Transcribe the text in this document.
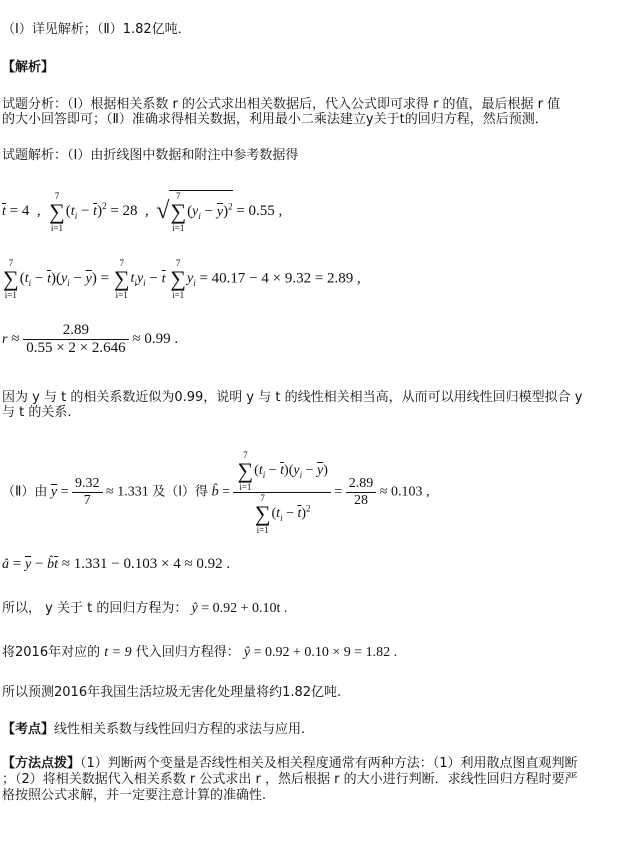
（Ⅰ）详见解析；（Ⅱ）1.82亿吨．
【解析】
试题分析：（Ⅰ）根据相关系数 r 的公式求出相关数据后，代入公式即可求得 r 的值，最后根据 r 值
的大小回答即可；（Ⅱ）准确求得相关数据，利用最小二乘法建立y关于t的回归方程，然后预测．
试题解析：（Ⅰ）由折线图中数据和附注中参考数据得
$\overline{t} = 4$  ,
7
∑
i=1
$(t_i - \overline{t})^2 = 28$  ,  √
7
∑
i=1
$(y_i - \overline{y})^2 = 0.55$ ,
7
∑
i=1
$(t_i - \overline{t})(y_i - \overline{y})$ =
7
∑
i=1
$t_iy_i - \overline{t}$
7
∑
i=1
$y_i = 40.17 - 4 \times 9.32 = 2.89$ ,
$r \approx \frac{2.89}{0.55 \times 2 \times 2.646} \approx 0.99$ .
因为 y 与 t 的相关系数近似为0.99，说明 y 与 t 的线性相关相当高，从而可以用线性回归模型拟合 y
与 t 的关系.
（Ⅱ）由 $\overline{y} = \frac{9.32}{7} \approx 1.331$ 及（Ⅰ）得 b̂ = 7
∑
i=1
$(t_i - \overline{t})(y_i - \overline{y})$
7
∑
i=1
$(t_i - \overline{t})^2 = \frac{2.89}{28} \approx 0.103$ ,
â = $\overline{y}$ − $b̂\overline{t} \approx 1.331 - 0.103 \times 4 \approx 0.92$ .
所以， y 关于 t 的回归方程为： ŷ = 0.92 + 0.10t .
将2016年对应的 t = 9 代入回归方程得： ŷ = 0.92 + 0.10 × 9 = 1.82 .
所以预测2016年我国生活垃圾无害化处理量将约1.82亿吨.
【考点】线性相关系数与线性回归方程的求法与应用.
【方法点拨】（1）判断两个变量是否线性相关及相关程度通常有两种方法：（1）利用散点图直观判断
；（2）将相关数据代入相关系数 r 公式求出 r ，然后根据 r 的大小进行判断．求线性回归方程时要严
格按照公式求解，并一定要注意计算的准确性.
